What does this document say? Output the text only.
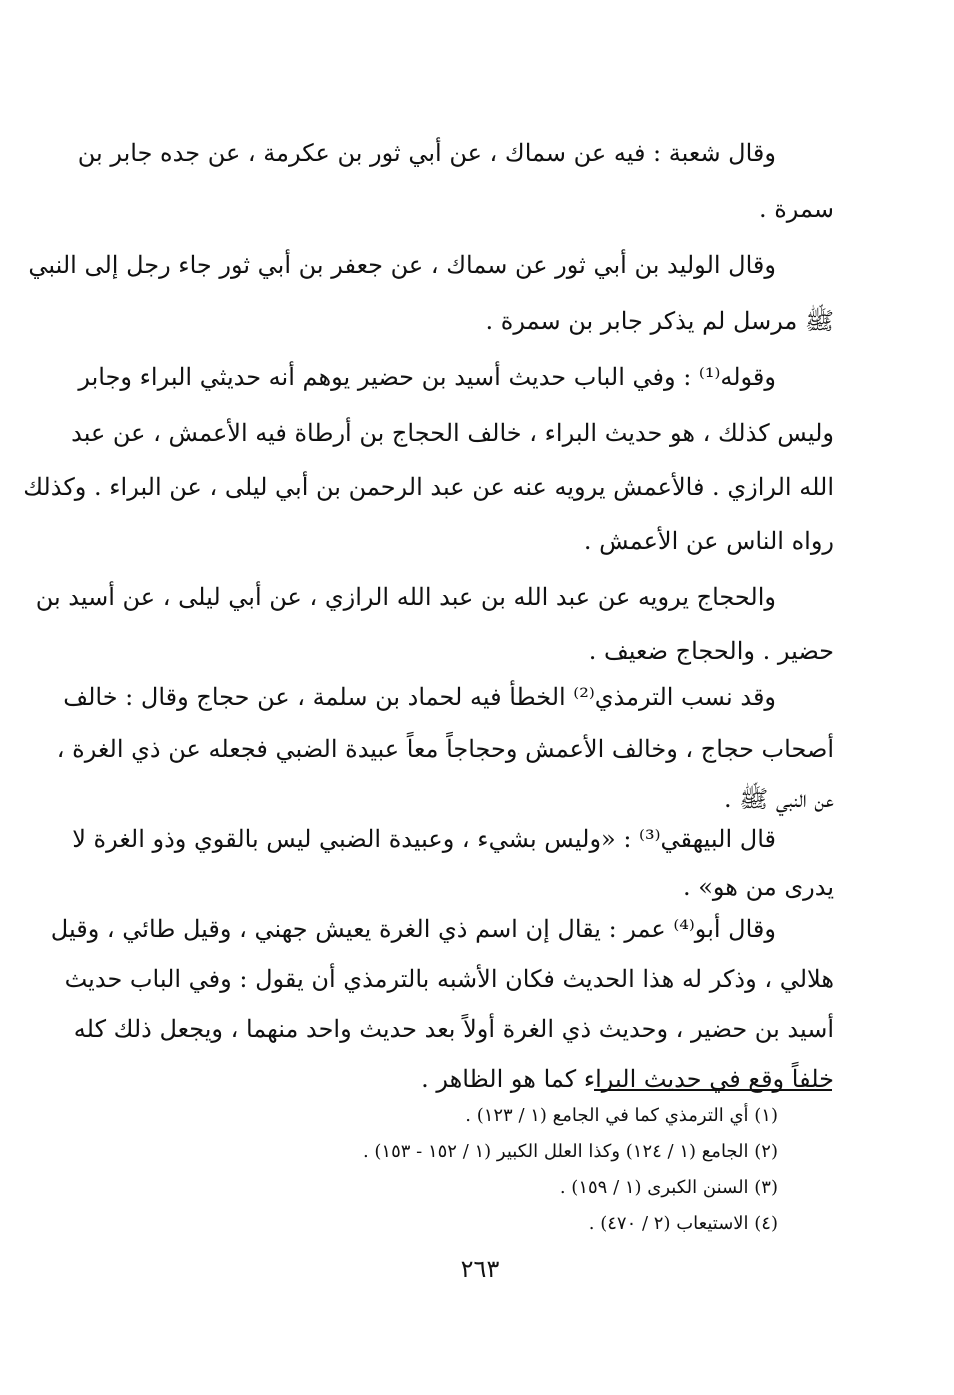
وقال شعبة : فيه عن سماك ، عن أبي ثور بن عكرمة ، عن جده جابر بن
سمرة .
وقال الوليد بن أبي ثور عن سماك ، عن جعفر بن أبي ثور جاء رجل إلى النبي
ﷺ مرسل لم يذكر جابر بن سمرة .
وقوله⁽¹⁾ : وفي الباب حديث أسيد بن حضير يوهم أنه حديثي البراء وجابر
وليس كذلك ، هو حديث البراء ، خالف الحجاج بن أرطاة فيه الأعمش ، عن عبد
الله الرازي . فالأعمش يرويه عنه عن عبد الرحمن بن أبي ليلى ، عن البراء . وكذلك
رواه الناس عن الأعمش .
والحجاج يرويه عن عبد الله بن عبد الله الرازي ، عن أبي ليلى ، عن أسيد بن
حضير . والحجاج ضعيف .
وقد نسب الترمذي⁽²⁾ الخطأ فيه لحماد بن سلمة ، عن حجاج وقال : خالف
أصحاب حجاج ، وخالف الأعمش وحجاجاً معاً عبيدة الضبي فجعله عن ذي الغرة ،
عن النبي ﷺ .
قال البيهقي⁽³⁾ : «وليس بشيء ، وعبيدة الضبي ليس بالقوي وذو الغرة لا
يدرى من هو» .
وقال أبو⁽⁴⁾ عمر : يقال إن اسم ذي الغرة يعيش جهني ، وقيل طائي ، وقيل
هلالي ، وذكر له هذا الحديث فكان الأشبه بالترمذي أن يقول : وفي الباب حديث
أسيد بن حضير ، وحديث ذي الغرة أولاً بعد حديث واحد منهما ، ويجعل ذلك كله
خلفاً وقع في حديث البراء كما هو الظاهر .
(١) أي الترمذي كما في الجامع (١ / ١٢٣) .
(٢) الجامع (١ / ١٢٤) وكذا العلل الكبير (١ / ١٥٢ - ١٥٣) .
(٣) السنن الكبرى (١ / ١٥٩) .
(٤) الاستيعاب (٢ / ٤٧٠) .
٢٦٣
